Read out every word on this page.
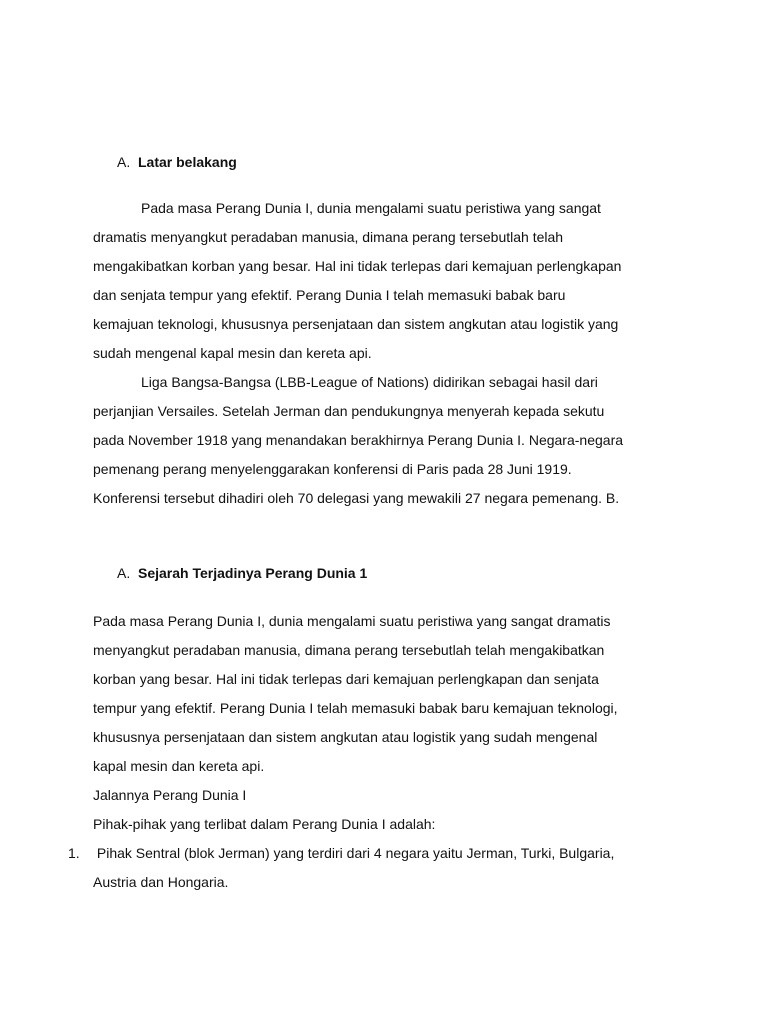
A. Latar belakang
Pada masa Perang Dunia I, dunia mengalami suatu peristiwa yang sangat
dramatis menyangkut peradaban manusia, dimana perang tersebutlah telah
mengakibatkan korban yang besar. Hal ini tidak terlepas dari kemajuan perlengkapan
dan senjata tempur yang efektif. Perang Dunia I telah memasuki babak baru
kemajuan teknologi, khususnya persenjataan dan sistem angkutan atau logistik yang
sudah mengenal kapal mesin dan kereta api.
Liga Bangsa-Bangsa (LBB-League of Nations) didirikan sebagai hasil dari
perjanjian Versailes. Setelah Jerman dan pendukungnya menyerah kepada sekutu
pada November 1918 yang menandakan berakhirnya Perang Dunia I. Negara-negara
pemenang perang menyelenggarakan konferensi di Paris pada 28 Juni 1919.
Konferensi tersebut dihadiri oleh 70 delegasi yang mewakili 27 negara pemenang. B.
A. Sejarah Terjadinya Perang Dunia 1
Pada masa Perang Dunia I, dunia mengalami suatu peristiwa yang sangat dramatis
menyangkut peradaban manusia, dimana perang tersebutlah telah mengakibatkan
korban yang besar. Hal ini tidak terlepas dari kemajuan perlengkapan dan senjata
tempur yang efektif. Perang Dunia I telah memasuki babak baru kemajuan teknologi,
khususnya persenjataan dan sistem angkutan atau logistik yang sudah mengenal
kapal mesin dan kereta api.
Jalannya Perang Dunia I
Pihak-pihak yang terlibat dalam Perang Dunia I adalah:
1. Pihak Sentral (blok Jerman) yang terdiri dari 4 negara yaitu Jerman, Turki, Bulgaria,
Austria dan Hongaria.
